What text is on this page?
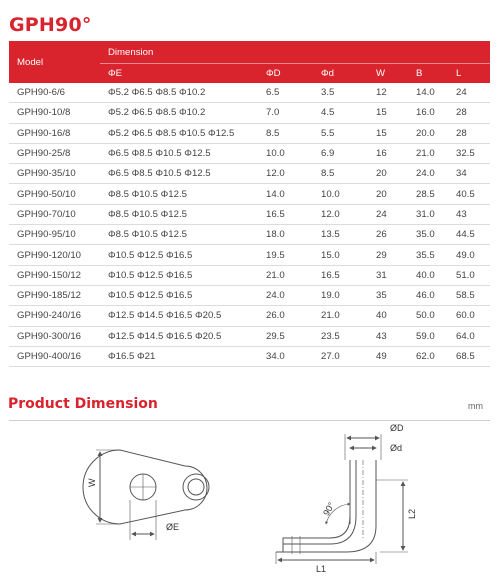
GPH90°
Model	Dimension					
	ΦE	ΦD	Φd	W	B	L
GPH90-6/6	Φ5.2 Φ6.5 Φ8.5 Φ10.2	6.5	3.5	12	14.0	24
GPH90-10/8	Φ5.2 Φ6.5 Φ8.5 Φ10.2	7.0	4.5	15	16.0	28
GPH90-16/8	Φ5.2 Φ6.5 Φ8.5 Φ10.5 Φ12.5	8.5	5.5	15	20.0	28
GPH90-25/8	Φ6.5 Φ8.5 Φ10.5 Φ12.5	10.0	6.9	16	21.0	32.5
GPH90-35/10	Φ6.5 Φ8.5 Φ10.5 Φ12.5	12.0	8.5	20	24.0	34
GPH90-50/10	Φ8.5 Φ10.5 Φ12.5	14.0	10.0	20	28.5	40.5
GPH90-70/10	Φ8.5 Φ10.5 Φ12.5	16.5	12.0	24	31.0	43
GPH90-95/10	Φ8.5 Φ10.5 Φ12.5	18.0	13.5	26	35.0	44.5
GPH90-120/10	Φ10.5 Φ12.5 Φ16.5	19.5	15.0	29	35.5	49.0
GPH90-150/12	Φ10.5 Φ12.5 Φ16.5	21.0	16.5	31	40.0	51.0
GPH90-185/12	Φ10.5 Φ12.5 Φ16.5	24.0	19.0	35	46.0	58.5
GPH90-240/16	Φ12.5 Φ14.5 Φ16.5 Φ20.5	26.0	21.0	40	50.0	60.0
GPH90-300/16	Φ12.5 Φ14.5 Φ16.5 Φ20.5	29.5	23.5	43	59.0	64.0
GPH90-400/16	Φ16.5 Φ21	34.0	27.0	49	62.0	68.5
Product Dimension	mm
W
ØE
ØD
Ød
90°	L2
L1
